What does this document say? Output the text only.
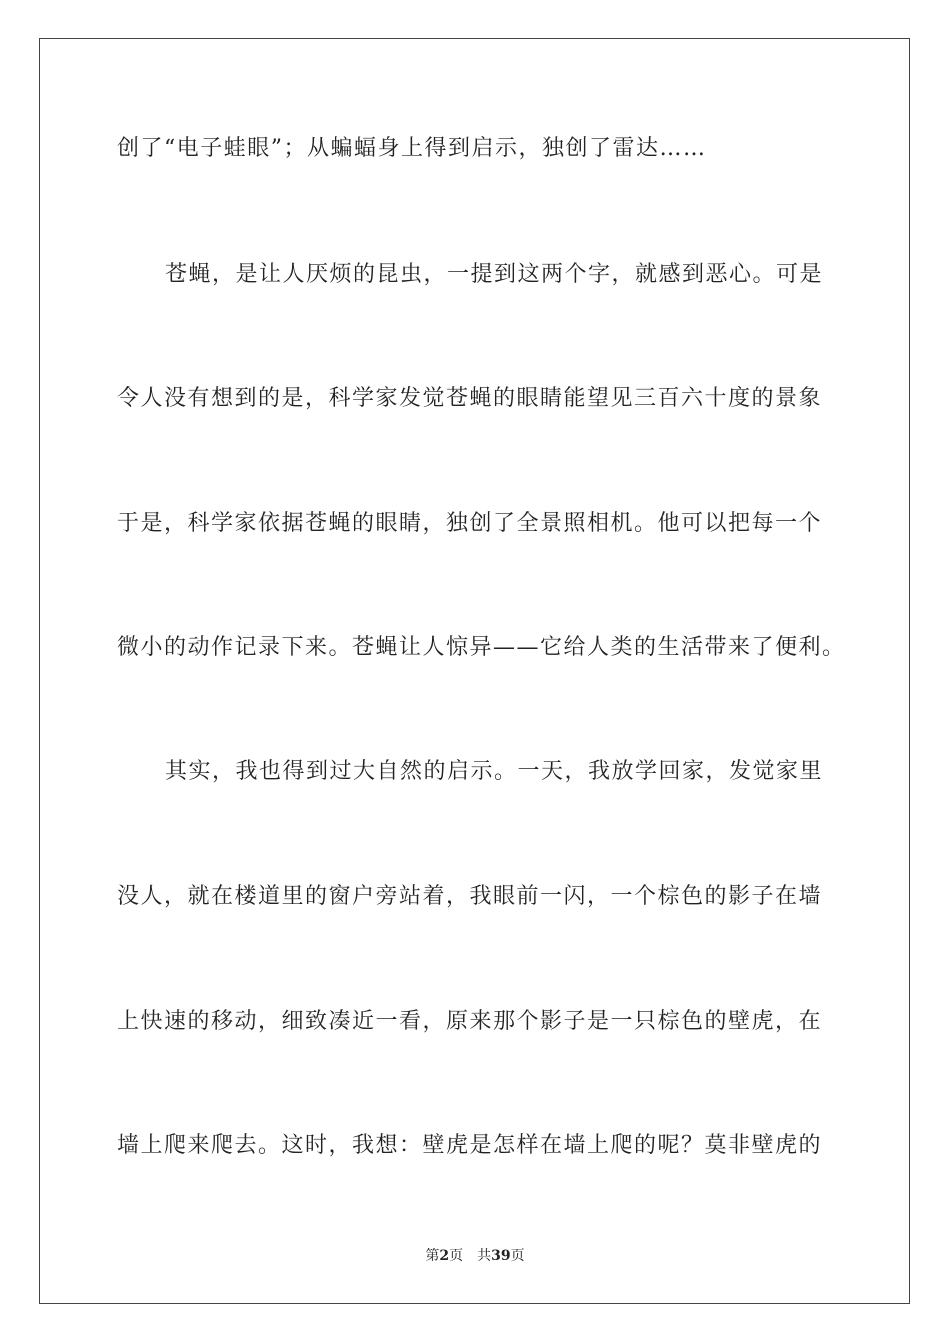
创了“电子蛙眼”；从蝙蝠身上得到启示，独创了雷达……
苍蝇，是让人厌烦的昆虫，一提到这两个字，就感到恶心。可是
令人没有想到的是，科学家发觉苍蝇的眼睛能望见三百六十度的景象
于是，科学家依据苍蝇的眼睛，独创了全景照相机。他可以把每一个
微小的动作记录下来。苍蝇让人惊异——它给人类的生活带来了便利。
其实，我也得到过大自然的启示。一天，我放学回家，发觉家里
没人，就在楼道里的窗户旁站着，我眼前一闪，一个棕色的影子在墙
上快速的移动，细致凑近一看，原来那个影子是一只棕色的壁虎，在
墙上爬来爬去。这时，我想：壁虎是怎样在墙上爬的呢？莫非壁虎的
第2页 共39页
